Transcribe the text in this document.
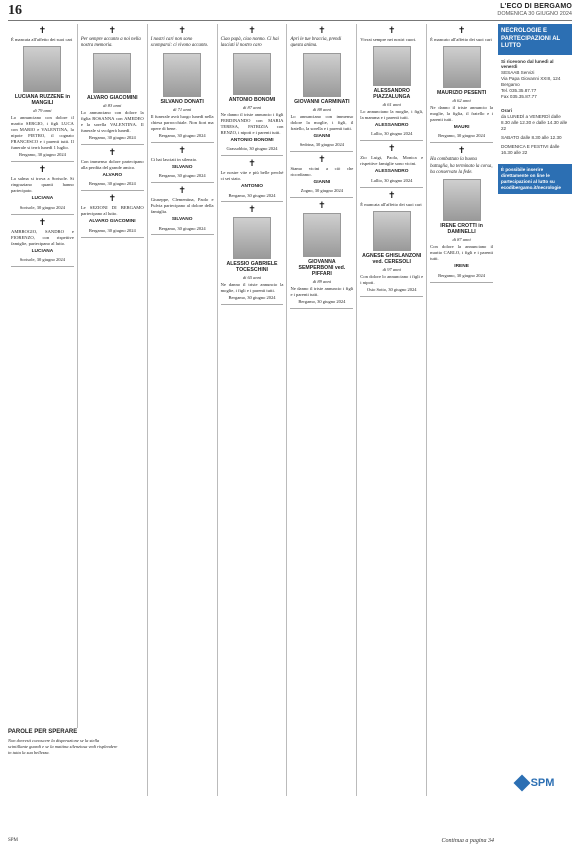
16	L'ECO DI BERGAMO
DOMENICA 30 GIUGNO 2024
✝
È mancata all'affetto dei suoi cari
LUCIANA RUZZENE in MANGILI
di 79 anni
Lo annunciano con dolore il marito SERGIO, i figli LUCA con MARIO e VALENTINA, la nipote PIETRO, il cognato FRANCESCO e i parenti tutti. Il funerale si terrà lunedì 1 luglio.
Bergamo, 30 giugno 2024
✝
La salma si trova a Sorisole. Si ringraziano quanti hanno partecipato.
LUCIANA
Sorisole, 30 giugno 2024
✝
AMBROGIO, SANDRO e FIORENZO, con rispettive famiglie, partecipano al lutto.
LUCIANA
Sorisole, 30 giugno 2024
✝
Per sempre accanto a noi nella nostra memoria.
ALVARO GIACOMINI
di 83 anni
Lo annunciano con dolore la figlia ROSANNA con AMEDEO e la sorella VALENTINA. Il funerale si svolgerà lunedì.
Bergamo, 30 giugno 2024
✝
Con immenso dolore partecipano alla perdita del grande amico.
ALVARO
Bergamo, 30 giugno 2024
✝
Le SEZIONI DI BERGAMO partecipano al lutto.
ALVARO GIACOMINI
Bergamo, 30 giugno 2024
✝
I nostri cari non sono scomparsi: ci vivono accanto.
SILVANO DONATI
di 71 anni
Il funerale avrà luogo lunedì nella chiesa parrocchiale. Non fiori ma opere di bene.
Bergamo, 30 giugno 2024
✝
Ci hai lasciati in silenzio.
SILVANO
Bergamo, 30 giugno 2024
✝
Giuseppe, Clementina, Paolo e Fulvia partecipano al dolore della famiglia.
SILVANO
Bergamo, 30 giugno 2024
✝
Ciao papà, ciao nonno. Ci hai lasciati il nostro caro
ANTONIO BONOMI
di 87 anni
Ne danno il triste annuncio i figli FERDINANDO con MARIA TERESA, PATRIZIA con RENZO, i nipoti e i parenti tutti.
ANTONIO BONOMI
Grassobbio, 30 giugno 2024
✝
Le nostre vite e più belle perché ci sei stato.
ANTONIO
Bergamo, 30 giugno 2024
✝
ALESSIO GABRIELE TOCESCHINI
di 65 anni
Ne danno il triste annuncio la moglie, i figli e i parenti tutti.
Bergamo, 30 giugno 2024
✝
Apri le tue braccia, prendi questa anima.
GIOVANNI CARMINATI
di 88 anni
Lo annunciano con immenso dolore la moglie, i figli, il fratello, la sorella e i parenti tutti.
GIANNI
Sedrina, 30 giugno 2024
✝
Siamo vicini a ciò che ricordiamo.
GIANNI
Zogno, 30 giugno 2024
✝
GIOVANNA SEMPERBONI ved. PIFFARI
di 89 anni
Ne danno il triste annuncio i figli e i parenti tutti.
Bergamo, 30 giugno 2024
✝
Vivrai sempre nei nostri cuori.
ALESSANDRO PIAZZALUNGA
di 61 anni
Lo annunciano la moglie, i figli, la mamma e i parenti tutti.
ALESSANDRO
Lallio, 30 giugno 2024
✝
Zio Luigi, Paola, Monica e rispettive famiglie sono vicini.
ALESSANDRO
Lallio, 30 giugno 2024
✝
È mancata all'affetto dei suoi cari
AGNESE GHISLANZONI ved. CERESOLI
di 97 anni
Con dolore lo annunciano i figli e i nipoti.
Osio Sotto, 30 giugno 2024
✝
È mancato all'affetto dei suoi cari
MAURIZIO PESENTI
di 62 anni
Ne danno il triste annuncio la moglie, la figlia, il fratello e i parenti tutti.
MAURI
Bergamo, 30 giugno 2024
✝
Ha combattuto la buona battaglia, ha terminato la corsa, ha conservato la fede.
IRENE CROTTI in DAMINELLI
di 87 anni
Con dolore la annunciano il marito CARLO, i figli e i parenti tutti.
IRENE
Bergamo, 30 giugno 2024
NECROLOGIE E PARTECIPAZIONI AL LUTTO
Si ricevono dal lunedì al venerdì
SESAAB Servizi
Via Papa Giovanni XXIII, 124
Bergamo
Tel. 035.35.87.77
Fax 035.35.87.77
Orari
da LUNEDÌ a VENERDÌ dalle 8.30 alle 12.30 e dalle 14.30 alle 22
SABATO dalle 8.30 alle 12.30
DOMENICA E FESTIVI dalle 16.30 alle 22
È possibile inserire direttamente on line le partecipazioni al lutto su ecodibergamo.it/necrologie
SPM
PAROLE PER SPERARE
Non dovresti conoscere la disperazione se la stella scintillante guardi e se la mattina silenziosa vedi risplendere in tutta la sua bellezza.
SPM	Continua a pagina 34
